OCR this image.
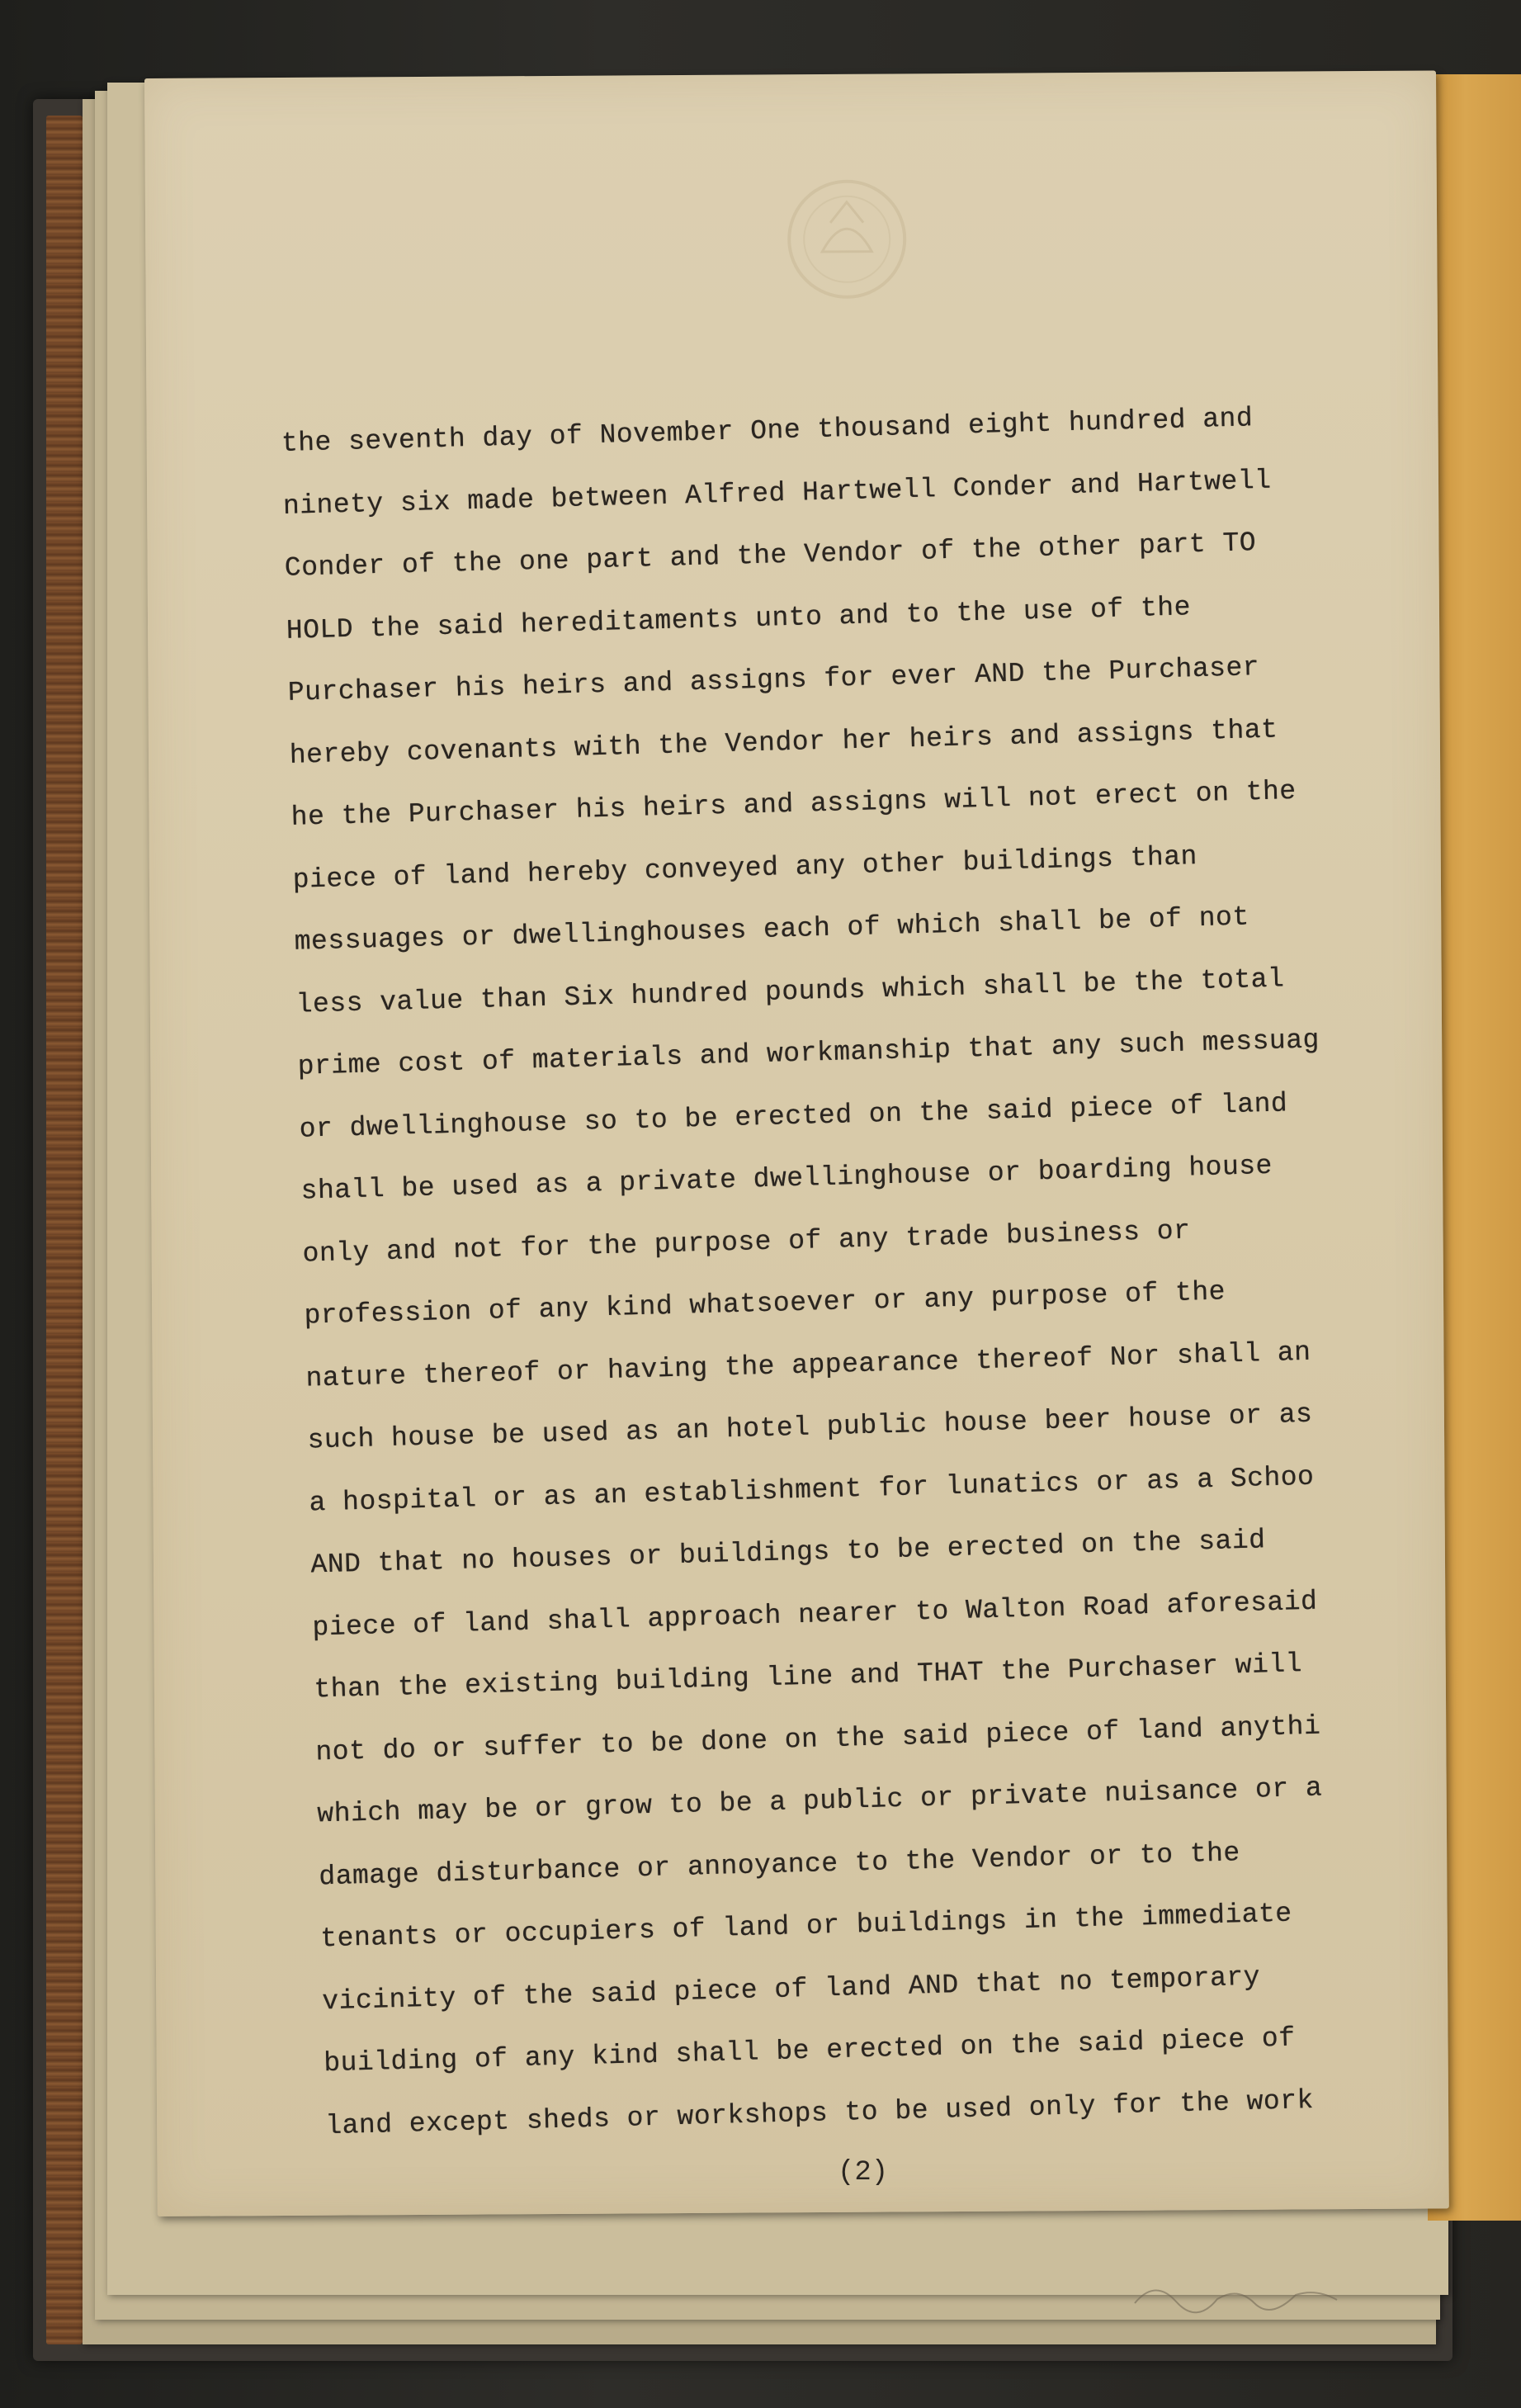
the seventh day of November One thousand eight hundred and
ninety six made between Alfred Hartwell Conder and Hartwell
Conder of the one part and the Vendor of the other part TO
HOLD the said hereditaments unto and to the use of the
Purchaser his heirs and assigns for ever AND the Purchaser
hereby covenants with the Vendor her heirs and assigns that
he the Purchaser his heirs and assigns will not erect on the
piece of land hereby conveyed any other buildings than
messuages or dwellinghouses each of which shall be of not
less value than Six hundred pounds which shall be the total
prime cost of materials and workmanship that any such messuag
or dwellinghouse so to be erected on the said piece of land
shall be used as a private dwellinghouse or boarding house
only and not for the purpose of any trade business or
profession of any kind whatsoever or any purpose of the
nature thereof or having the appearance thereof Nor shall an
such house be used as an hotel public house beer house or as
a hospital or as an establishment for lunatics or as a Schoo
AND that no houses or buildings to be erected on the said
piece of land shall approach nearer to Walton Road aforesaid
than the existing building line and THAT the Purchaser will
not do or suffer to be done on the said piece of land anythi
which may be or grow to be a public or private nuisance or a
damage disturbance or annoyance to the Vendor or to the
tenants or occupiers of land or buildings in the immediate
vicinity of the said piece of land AND that no temporary
building of any kind shall be erected on the said piece of
land except sheds or workshops to be used only for the work
(2)
